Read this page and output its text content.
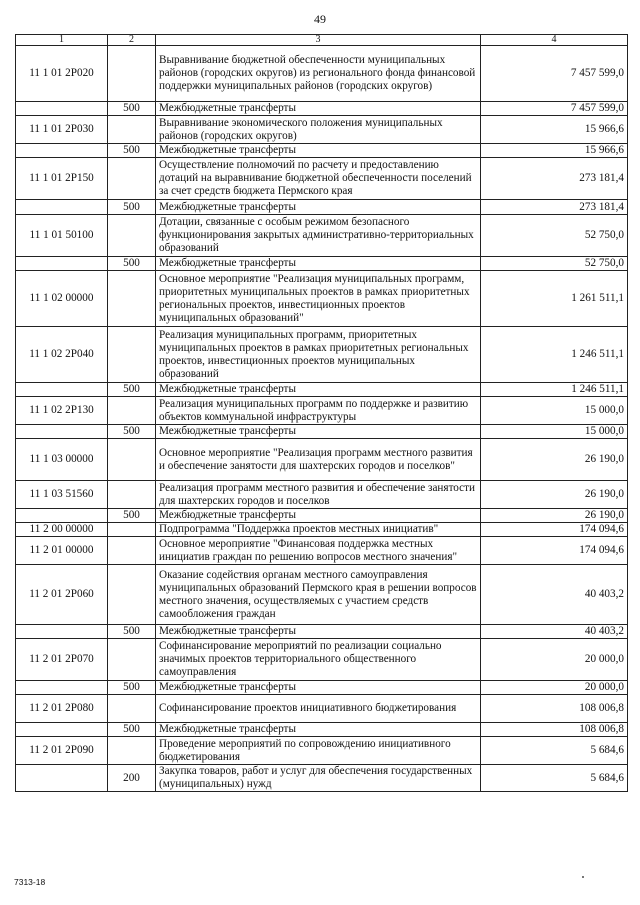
49
1	2	3	4
11 1 01 2Р020		Выравнивание бюджетной обеспеченности муниципальных районов (городских округов) из регионального фонда финансовой поддержки муниципальных районов (городских округов)	7 457 599,0
	500	Межбюджетные трансферты	7 457 599,0
11 1 01 2Р030		Выравнивание экономического положения муниципальных районов (городских округов)	15 966,6
	500	Межбюджетные трансферты	15 966,6
11 1 01 2Р150		Осуществление полномочий по расчету и предоставлению дотаций на выравнивание бюджетной обеспеченности поселений за счет средств бюджета Пермского края	273 181,4
	500	Межбюджетные трансферты	273 181,4
11 1 01 50100		Дотации, связанные с особым режимом безопасного функционирования закрытых административно-территориальных образований	52 750,0
	500	Межбюджетные трансферты	52 750,0
11 1 02 00000		Основное мероприятие "Реализация муниципальных программ, приоритетных муниципальных проектов в рамках приоритетных региональных проектов, инвестиционных проектов муниципальных образований"	1 261 511,1
11 1 02 2Р040		Реализация муниципальных программ, приоритетных муниципальных проектов в рамках приоритетных региональных проектов, инвестиционных проектов муниципальных образований	1 246 511,1
	500	Межбюджетные трансферты	1 246 511,1
11 1 02 2Р130		Реализация муниципальных программ по поддержке и развитию объектов коммунальной инфраструктуры	15 000,0
	500	Межбюджетные трансферты	15 000,0
11 1 03 00000		Основное мероприятие "Реализация программ местного развития и обеспечение занятости для шахтерских городов и поселков"	26 190,0
11 1 03 51560		Реализация программ местного развития и обеспечение занятости для шахтерских городов и поселков	26 190,0
	500	Межбюджетные трансферты	26 190,0
11 2 00 00000		Подпрограмма "Поддержка проектов местных инициатив"	174 094,6
11 2 01 00000		Основное мероприятие "Финансовая поддержка местных инициатив граждан по решению вопросов местного значения"	174 094,6
11 2 01 2Р060		Оказание содействия органам местного самоуправления муниципальных образований Пермского края в решении вопросов местного значения, осуществляемых с участием средств самообложения граждан	40 403,2
	500	Межбюджетные трансферты	40 403,2
11 2 01 2Р070		Софинансирование мероприятий по реализации социально значимых проектов территориального общественного самоуправления	20 000,0
	500	Межбюджетные трансферты	20 000,0
11 2 01 2Р080		Софинансирование проектов инициативного бюджетирования	108 006,8
	500	Межбюджетные трансферты	108 006,8
11 2 01 2Р090		Проведение мероприятий по сопровождению инициативного бюджетирования	5 684,6
	200	Закупка товаров, работ и услуг для обеспечения государственных (муниципальных) нужд	5 684,6
7313-18
